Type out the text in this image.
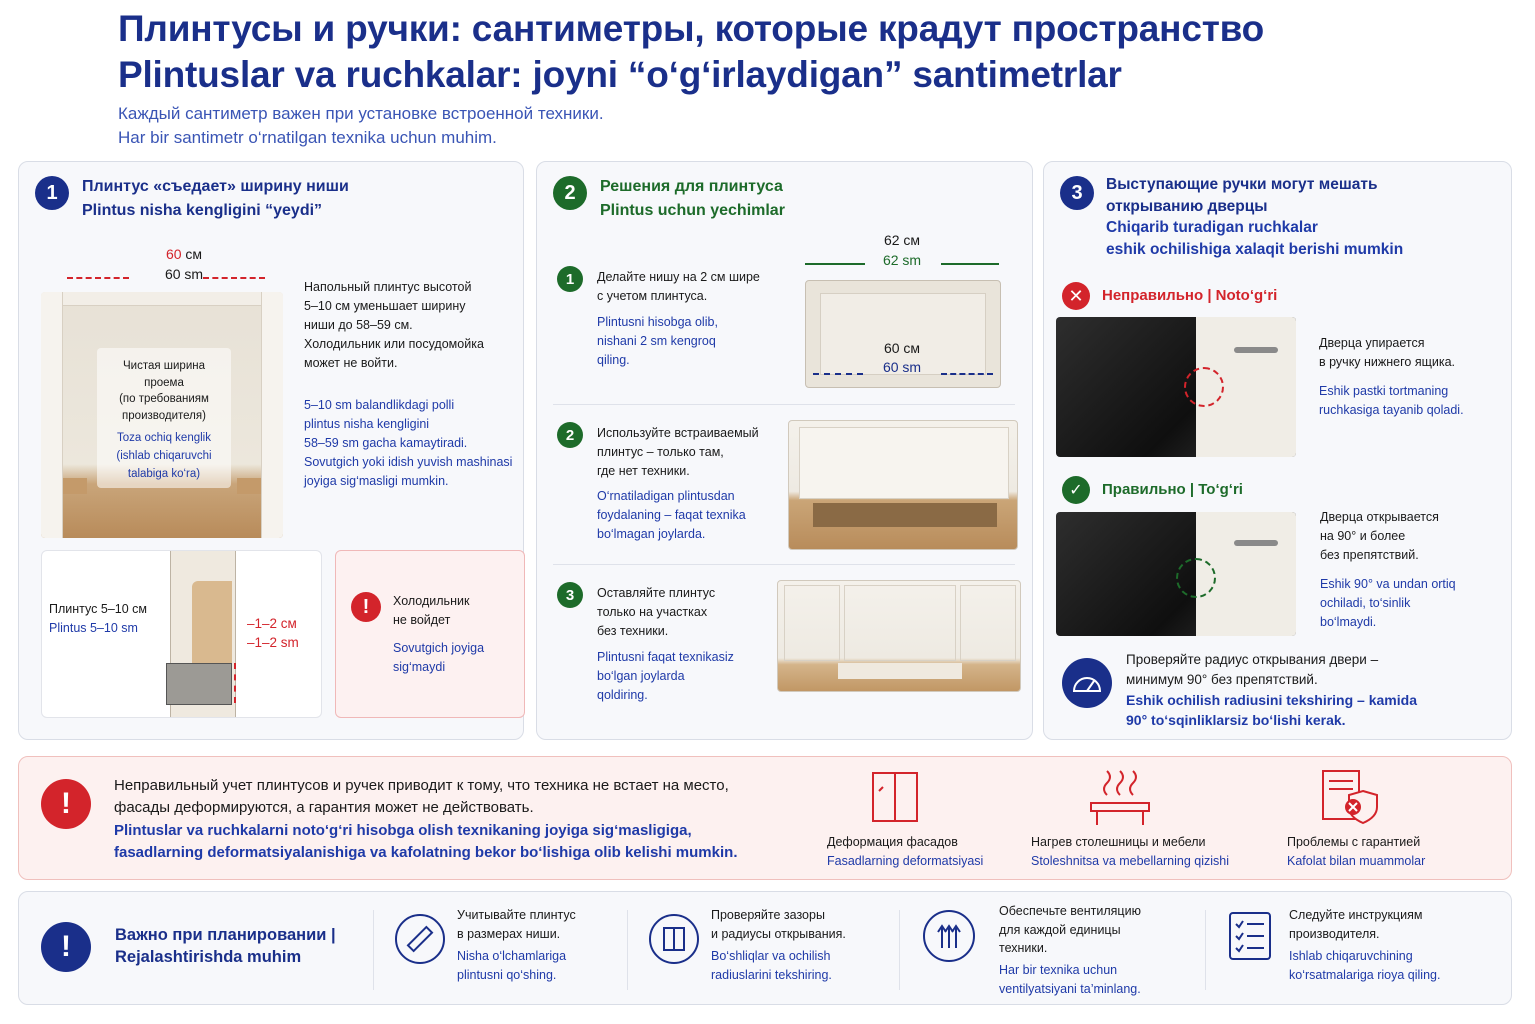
Плинтусы и ручки: сантиметры, которые крадут пространство
Plintuslar va ruchkalar: joyni “o‘g‘irlaydigan” santimetrlar
Каждый сантиметр важен при установке встроенной техники.
Har bir santimetr o‘rnatilgan texnika uchun muhim.
1	Плинтус «съедает» ширину ниши
Plintus nisha kengligini “yeydi”
60 см
60 sm
Чистая ширина
проема
(по требованиям
производителя)
Toza ochiq kenglik
(ishlab chiqaruvchi
talabiga ko‘ra)
Напольный плинтус высотой
5–10 см уменьшает ширину
ниши до 58–59 см.
Холодильник или посудомойка
может не войти.
5–10 sm balandlikdagi polli
plintus nisha kengligini
58–59 sm gacha kamaytiradi.
Sovutgich yoki idish yuvish mashinasi
joyiga sig‘masligi mumkin.
Плинтус 5–10 см
Plintus 5–10 sm	–1–2 см
–1–2 sm
!	Холодильник
не войдет
Sovutgich joyiga
sig‘maydi
2	Решения для плинтуса
Plintus uchun yechimlar
1	Делайте нишу на 2 см шире
с учетом плинтуса.
Plintusni hisobga olib,
nishani 2 sm kengroq
qiling.
62 см
62 sm
60 см
60 sm
2	Используйте встраиваемый
плинтус – только там,
где нет техники.
O‘rnatiladigan plintusdan
foydalaning – faqat texnika
bo‘lmagan joylarda.
3	Оставляйте плинтус
только на участках
без техники.
Plintusni faqat texnikasiz
bo‘lgan joylarda
qoldiring.
3	Выступающие ручки могут мешать
открыванию дверцы
Chiqarib turadigan ruchkalar
eshik ochilishiga xalaqit berishi mumkin
✕	Неправильно | Noto‘g‘ri
Дверца упирается
в ручку нижнего ящика.
Eshik pastki tortmaning
ruchkasiga tayanib qoladi.
✓	Правильно | To‘g‘ri
Дверца открывается
на 90° и более
без препятствий.
Eshik 90° va undan ortiq
ochiladi, to‘sinlik
bo‘lmaydi.
Проверяйте радиус открывания двери –
минимум 90° без препятствий.
Eshik ochilish radiusini tekshiring – kamida
90° to‘sqinliklarsiz bo‘lishi kerak.
!
Неправильный учет плинтусов и ручек приводит к тому, что техника не встает на место,
фасады деформируются, а гарантия может не действовать.
Plintuslar va ruchkalarni noto‘g‘ri hisobga olish texnikaning joyiga sig‘masligiga,
fasadlarning deformatsiyalanishiga va kafolatning bekor bo‘lishiga olib kelishi mumkin.
Деформация фасадов
Fasadlarning deformatsiyasi
Нагрев столешницы и мебели
Stoleshnitsa va mebellarning qizishi
Проблемы с гарантией
Kafolat bilan muammolar
!	Важно при планировании |
Rejalashtirishda muhim
Учитывайте плинтус
в размерах ниши.
Nisha o‘lchamlariga
plintusni qo‘shing.
Проверяйте зазоры
и радиусы открывания.
Bo‘shliqlar va ochilish
radiuslarini tekshiring.
Обеспечьте вентиляцию
для каждой единицы
техники.
Har bir texnika uchun
ventilyatsiyani ta’minlang.
Следуйте инструкциям
производителя.
Ishlab chiqaruvchining
ko‘rsatmalariga rioya qiling.
